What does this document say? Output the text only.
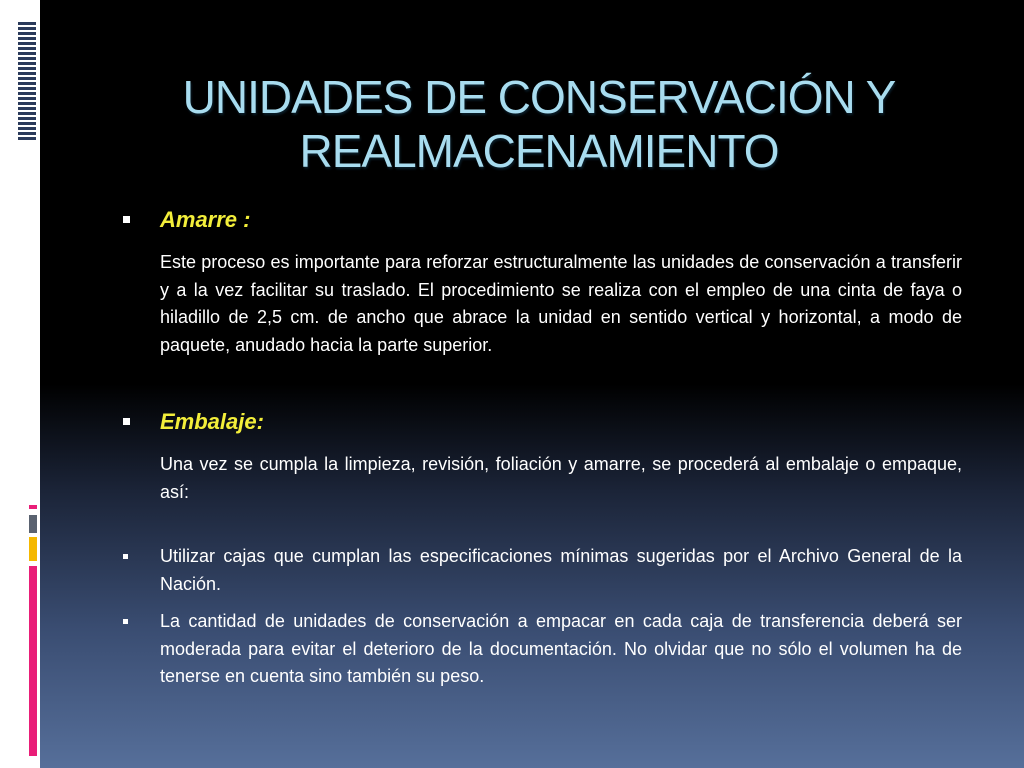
UNIDADES DE CONSERVACIÓN Y REALMACENAMIENTO
Amarre :
Este proceso es importante para reforzar estructuralmente las unidades de conservación a transferir y a la vez facilitar su traslado. El procedimiento se realiza con el empleo de una cinta de faya o hiladillo de 2,5 cm. de ancho que abrace la unidad en sentido vertical y horizontal, a modo de paquete, anudado hacia la parte superior.
Embalaje:
Una vez se cumpla la limpieza, revisión, foliación y amarre, se procederá al embalaje o empaque, así:
Utilizar cajas que cumplan las especificaciones mínimas sugeridas por el Archivo General de la Nación.
La cantidad de unidades de conservación a empacar en cada caja de transferencia deberá ser moderada para evitar el deterioro de la documentación. No olvidar que no sólo el volumen ha de tenerse en cuenta sino también su peso.
